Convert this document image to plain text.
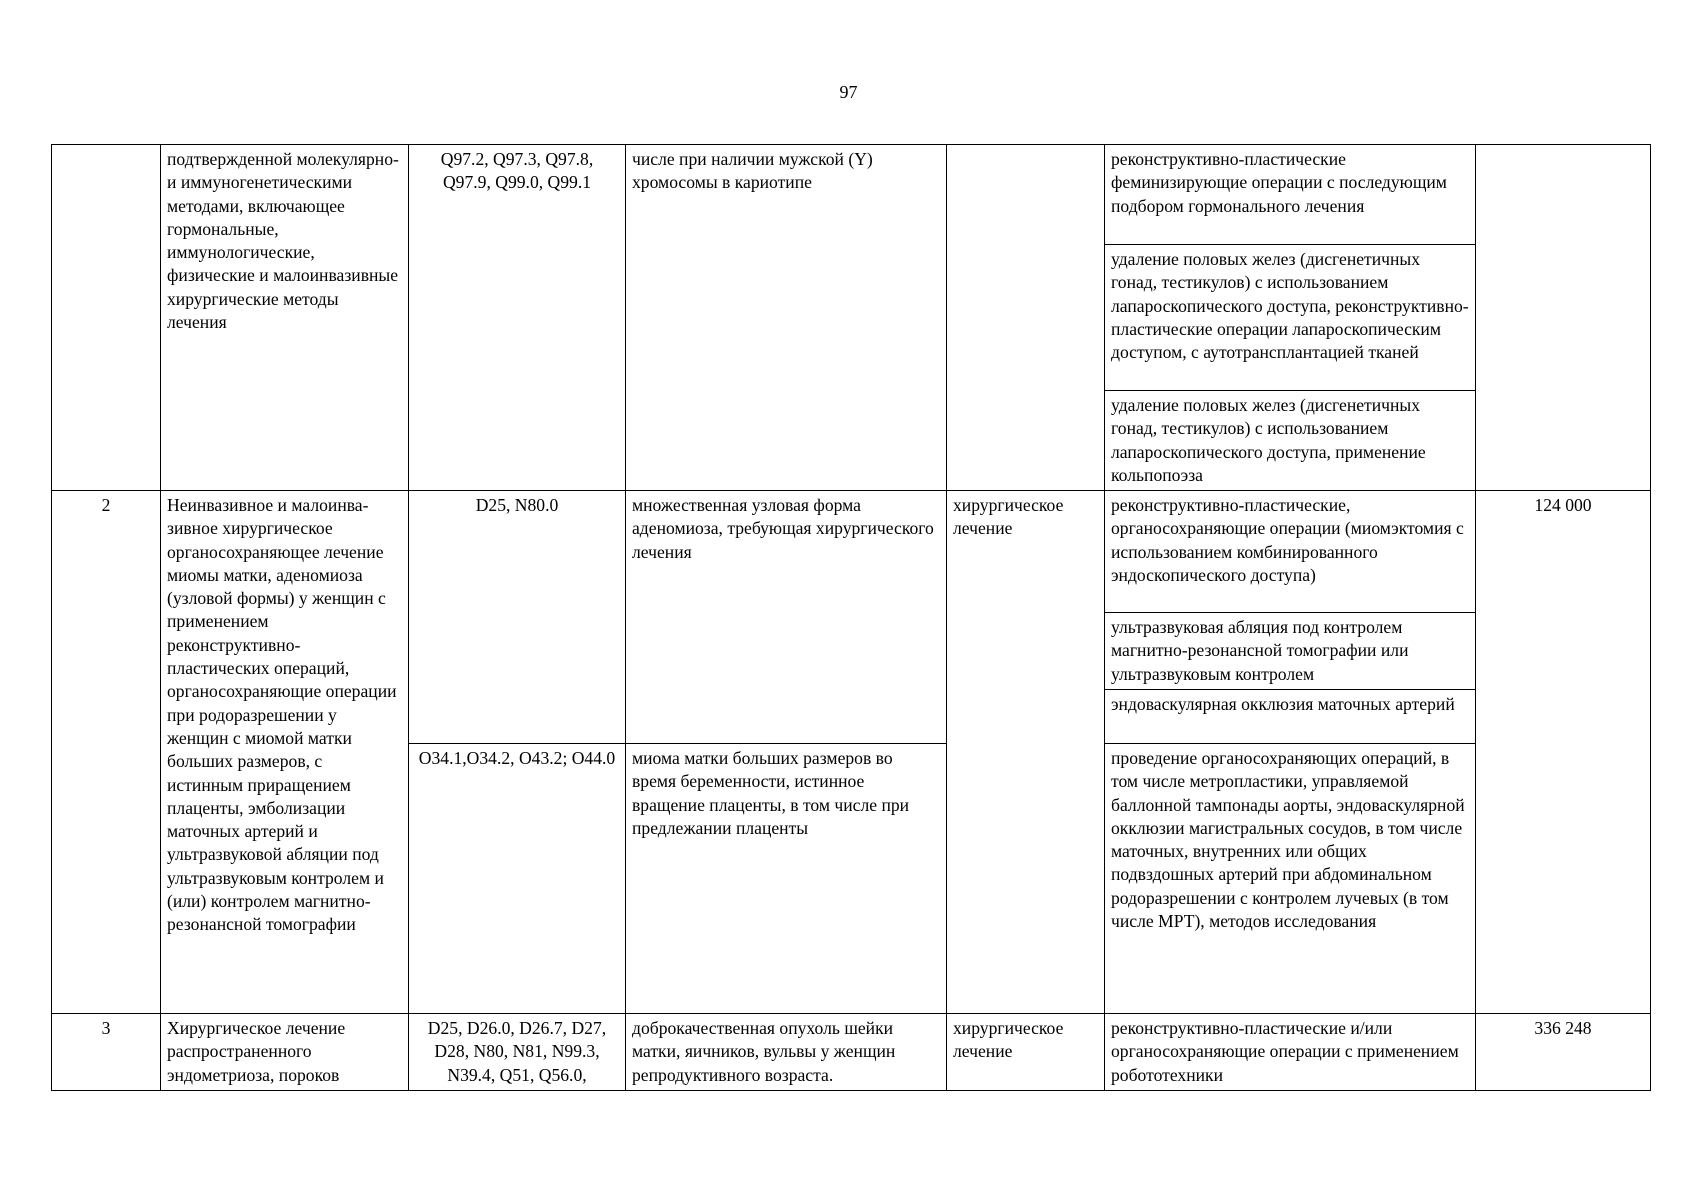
97
	подтвержденной молекулярно- и иммуногенетическими методами, включающее гормональные, иммунологические, физические и малоинвазивные хирургические методы лечения	Q97.2, Q97.3, Q97.8, Q97.9, Q99.0, Q99.1	числе при наличии мужской (Y) хромосомы в кариотипе		реконструктивно-пластические феминизирующие операции с последующим подбором гормонального лечения	
					удаление половых желез (дисгенетичных гонад, тестикулов) с использованием лапароскопического доступа, реконструктивно-пластические операции лапароскопическим доступом, с аутотрансплантацией тканей	
					удаление половых желез (дисгенетичных гонад, тестикулов) с использованием лапароскопического доступа, применение кольпопоэза	
2	Неинвазивное и малоинва-зивное хирургическое органосохраняющее лечение миомы матки, аденомиоза (узловой формы) у женщин с применением реконструктивно-пластических операций, органосохраняющие операции при родоразрешении у женщин с миомой матки больших размеров, с истинным приращением плаценты, эмболизации маточных артерий и ультразвуковой абляции под ультразвуковым контролем и (или) контролем магнитно-резонансной томографии	D25, N80.0	множественная узловая форма аденомиоза, требующая хирургического лечения	хирургическое лечение	реконструктивно-пластические, органосохраняющие операции (миомэктомия с использованием комбинированного эндоскопического доступа)	124 000
					ультразвуковая абляция под контролем магнитно-резонансной томографии или ультразвуковым контролем	
					эндоваскулярная окклюзия маточных артерий	
		O34.1,O34.2, O43.2; O44.0	миома матки больших размеров во время беременности, истинное вращение плаценты, в том числе при предлежании плаценты		проведение органосохраняющих операций, в том числе метропластики, управляемой баллонной тампонады аорты, эндоваскулярной окклюзии магистральных сосудов, в том числе маточных, внутренних или общих подвздошных артерий при абдоминальном родоразрешении с контролем лучевых (в том числе МРТ), методов исследования	
3	Хирургическое лечение распространенного эндометриоза, пороков	D25, D26.0, D26.7, D27, D28, N80, N81, N99.3, N39.4, Q51, Q56.0,	доброкачественная опухоль шейки матки, яичников, вульвы у женщин репродуктивного возраста.	хирургическое лечение	реконструктивно-пластические и/или органосохраняющие операции с применением робототехники	336 248
